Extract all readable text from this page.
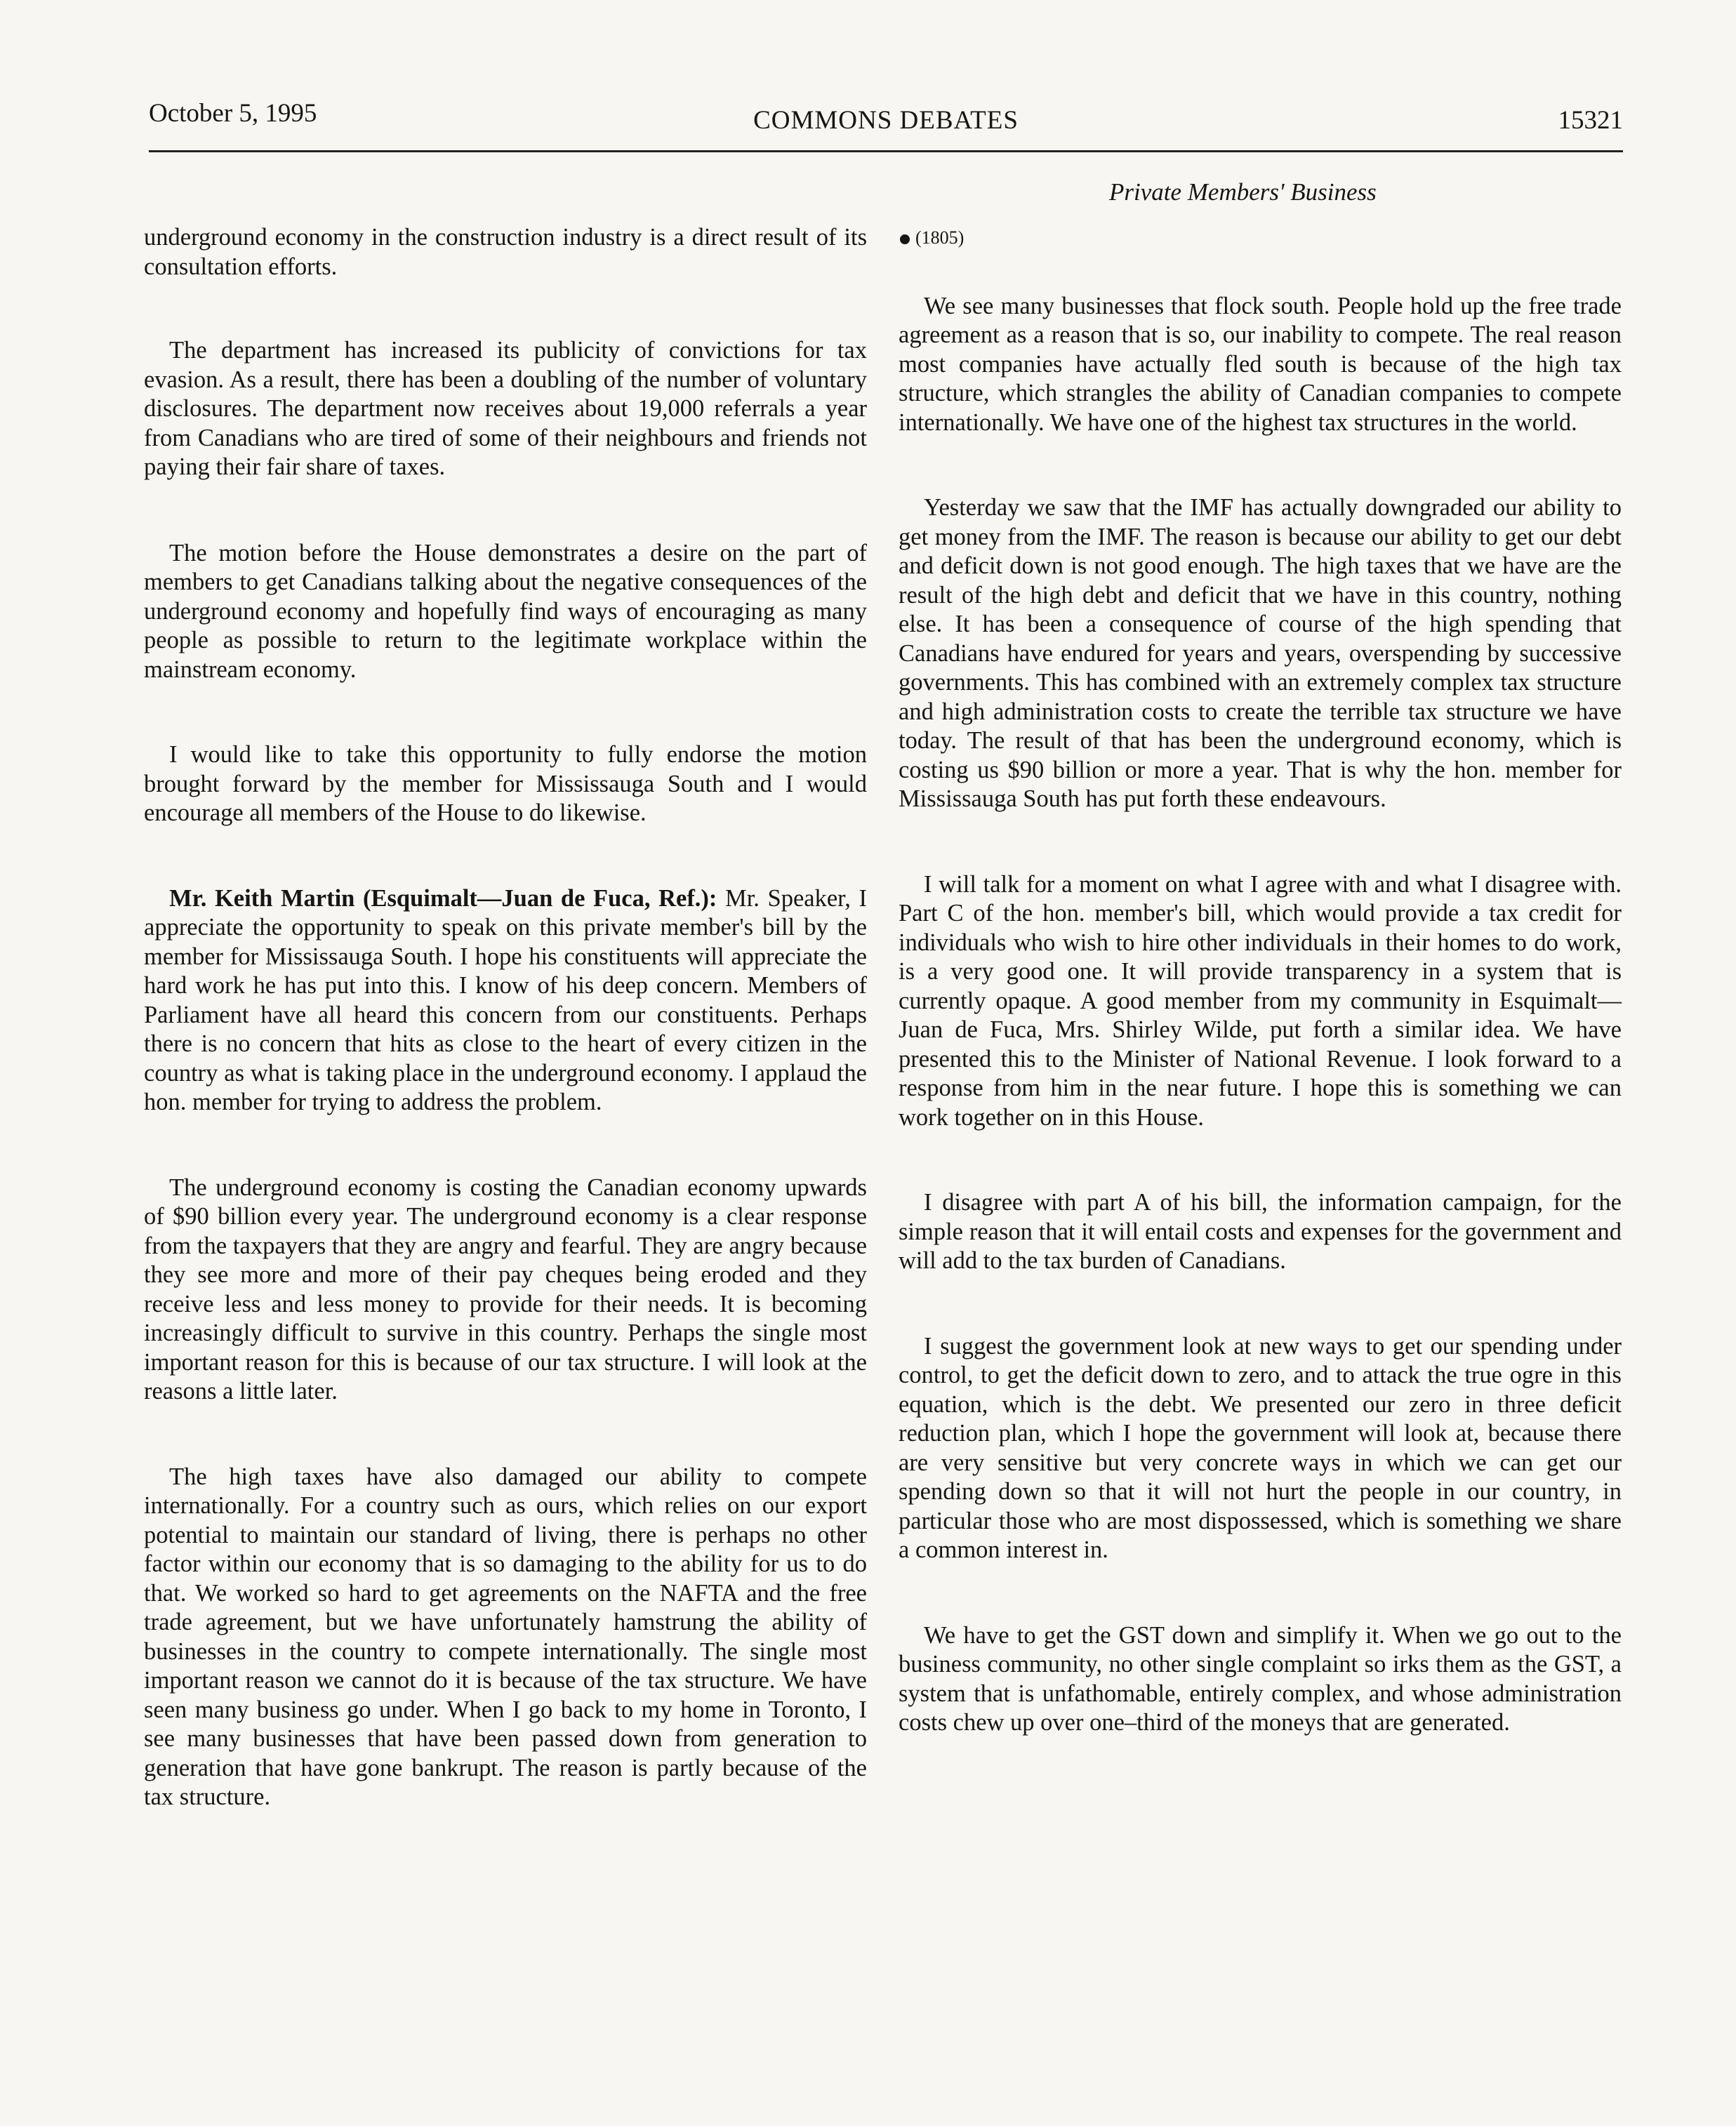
October 5, 1995	COMMONS DEBATES	15321
Private Members' Business

underground economy in the construction industry is a direct result of its consultation efforts.

The department has increased its publicity of convictions for tax evasion. As a result, there has been a doubling of the number of voluntary disclosures. The department now receives about 19,000 referrals a year from Canadians who are tired of some of their neighbours and friends not paying their fair share of taxes.

The motion before the House demonstrates a desire on the part of members to get Canadians talking about the negative consequences of the underground economy and hopefully find ways of encouraging as many people as possible to return to the legitimate workplace within the mainstream economy.

I would like to take this opportunity to fully endorse the motion brought forward by the member for Mississauga South and I would encourage all members of the House to do likewise.

Mr. Keith Martin (Esquimalt—Juan de Fuca, Ref.): Mr. Speaker, I appreciate the opportunity to speak on this private member's bill by the member for Mississauga South. I hope his constituents will appreciate the hard work he has put into this. I know of his deep concern. Members of Parliament have all heard this concern from our constituents. Perhaps there is no concern that hits as close to the heart of every citizen in the country as what is taking place in the underground economy. I applaud the hon. member for trying to address the problem.

The underground economy is costing the Canadian economy upwards of $90 billion every year. The underground economy is a clear response from the taxpayers that they are angry and fearful. They are angry because they see more and more of their pay cheques being eroded and they receive less and less money to provide for their needs. It is becoming increasingly difficult to survive in this country. Perhaps the single most important reason for this is because of our tax structure. I will look at the reasons a little later.

The high taxes have also damaged our ability to compete internationally. For a country such as ours, which relies on our export potential to maintain our standard of living, there is perhaps no other factor within our economy that is so damaging to the ability for us to do that. We worked so hard to get agreements on the NAFTA and the free trade agreement, but we have unfortunately hamstrung the ability of businesses in the country to compete internationally. The single most important reason we cannot do it is because of the tax structure. We have seen many business go under. When I go back to my home in Toronto, I see many businesses that have been passed down from generation to generation that have gone bankrupt. The reason is partly because of the tax structure.

(1805)

We see many businesses that flock south. People hold up the free trade agreement as a reason that is so, our inability to compete. The real reason most companies have actually fled south is because of the high tax structure, which strangles the ability of Canadian companies to compete internationally. We have one of the highest tax structures in the world.

Yesterday we saw that the IMF has actually downgraded our ability to get money from the IMF. The reason is because our ability to get our debt and deficit down is not good enough. The high taxes that we have are the result of the high debt and deficit that we have in this country, nothing else. It has been a consequence of course of the high spending that Canadians have endured for years and years, overspending by successive governments. This has combined with an extremely complex tax structure and high administration costs to create the terrible tax structure we have today. The result of that has been the underground economy, which is costing us $90 billion or more a year. That is why the hon. member for Mississauga South has put forth these endeavours.

I will talk for a moment on what I agree with and what I disagree with. Part C of the hon. member's bill, which would provide a tax credit for individuals who wish to hire other individuals in their homes to do work, is a very good one. It will provide transparency in a system that is currently opaque. A good member from my community in Esquimalt—Juan de Fuca, Mrs. Shirley Wilde, put forth a similar idea. We have presented this to the Minister of National Revenue. I look forward to a response from him in the near future. I hope this is something we can work together on in this House.

I disagree with part A of his bill, the information campaign, for the simple reason that it will entail costs and expenses for the government and will add to the tax burden of Canadians.

I suggest the government look at new ways to get our spending under control, to get the deficit down to zero, and to attack the true ogre in this equation, which is the debt. We presented our zero in three deficit reduction plan, which I hope the government will look at, because there are very sensitive but very concrete ways in which we can get our spending down so that it will not hurt the people in our country, in particular those who are most dispossessed, which is something we share a common interest in.

We have to get the GST down and simplify it. When we go out to the business community, no other single complaint so irks them as the GST, a system that is unfathomable, entirely complex, and whose administration costs chew up over one–third of the moneys that are generated.
